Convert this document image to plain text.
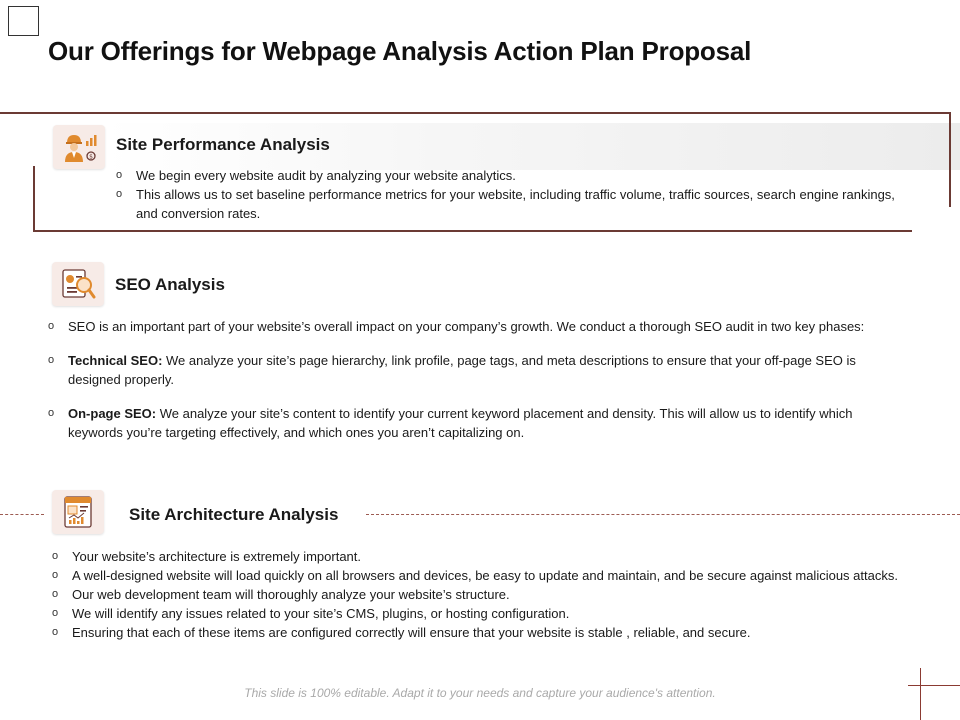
Our Offerings for Webpage Analysis Action Plan Proposal
$
Site Performance Analysis
o We begin every website audit by analyzing your website analytics.
o This allows us to set baseline performance metrics for your website, including traffic volume, traffic sources, search engine rankings, and conversion rates.
SEO Analysis
o SEO is an important part of your website’s overall impact on your company’s growth. We conduct a thorough SEO audit in two key phases:
o Technical SEO: We analyze your site’s page hierarchy, link profile, page tags, and meta descriptions to ensure that your off-page SEO is designed properly.
o On-page SEO: We analyze your site’s content to identify your current keyword placement and density. This will allow us to identify which keywords you’re targeting effectively, and which ones you aren’t capitalizing on.
Site Architecture Analysis
o Your website’s architecture is extremely important.
o A well-designed website will load quickly on all browsers and devices, be easy to update and maintain, and be secure against malicious attacks.
o Our web development team will thoroughly analyze your website’s structure.
o We will identify any issues related to your site’s CMS, plugins, or hosting configuration.
o Ensuring that each of these items are configured correctly will ensure that your website is stable , reliable, and secure.
This slide is 100% editable. Adapt it to your needs and capture your audience's attention.
